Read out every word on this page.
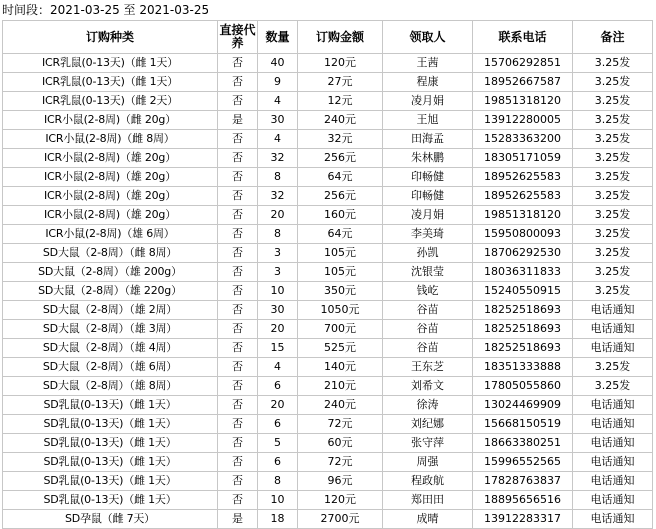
时间段：2021-03-25 至 2021-03-25
订购种类	直接代养	数量	订购金额	领取人	联系电话	备注
ICR乳鼠(0-13天)（雌 1天）	否	40	120元	王茜	15706292851	3.25发
ICR乳鼠(0-13天)（雌 1天）	否	9	27元	程康	18952667587	3.25发
ICR乳鼠(0-13天)（雌 2天）	否	4	12元	凌月娟	19851318120	3.25发
ICR小鼠(2-8周)（雌 20g）	是	30	240元	王旭	13912280005	3.25发
ICR小鼠(2-8周)（雌 8周）	否	4	32元	田海孟	15283363200	3.25发
ICR小鼠(2-8周)（雄 20g）	否	32	256元	朱林鹏	18305171059	3.25发
ICR小鼠(2-8周)（雄 20g）	否	8	64元	印畅健	18952625583	3.25发
ICR小鼠(2-8周)（雄 20g）	否	32	256元	印畅健	18952625583	3.25发
ICR小鼠(2-8周)（雄 20g）	否	20	160元	凌月娟	19851318120	3.25发
ICR小鼠(2-8周)（雄 6周）	否	8	64元	李美琦	15950800093	3.25发
SD大鼠（2-8周）（雌 8周）	否	3	105元	孙凯	18706292530	3.25发
SD大鼠（2-8周）（雄 200g）	否	3	105元	沈银莹	18036311833	3.25发
SD大鼠（2-8周）（雄 220g）	否	10	350元	钱屹	15240550915	3.25发
SD大鼠（2-8周）（雄 2周）	否	30	1050元	谷苗	18252518693	电话通知
SD大鼠（2-8周）（雄 3周）	否	20	700元	谷苗	18252518693	电话通知
SD大鼠（2-8周）（雄 4周）	否	15	525元	谷苗	18252518693	电话通知
SD大鼠（2-8周）（雄 6周）	否	4	140元	王东芝	18351333888	3.25发
SD大鼠（2-8周）（雄 8周）	否	6	210元	刘希文	17805055860	3.25发
SD乳鼠(0-13天)（雌 1天）	否	20	240元	徐涛	13024469909	电话通知
SD乳鼠(0-13天)（雌 1天）	否	6	72元	刘纪娜	15668150519	电话通知
SD乳鼠(0-13天)（雌 1天）	否	5	60元	张守萍	18663380251	电话通知
SD乳鼠(0-13天)（雌 1天）	否	6	72元	周强	15996552565	电话通知
SD乳鼠(0-13天)（雌 1天）	否	8	96元	程政航	17828763837	电话通知
SD乳鼠(0-13天)（雌 1天）	否	10	120元	郑田田	18895656516	电话通知
SD孕鼠（雌 7天）	是	18	2700元	成晴	13912283317	电话通知
